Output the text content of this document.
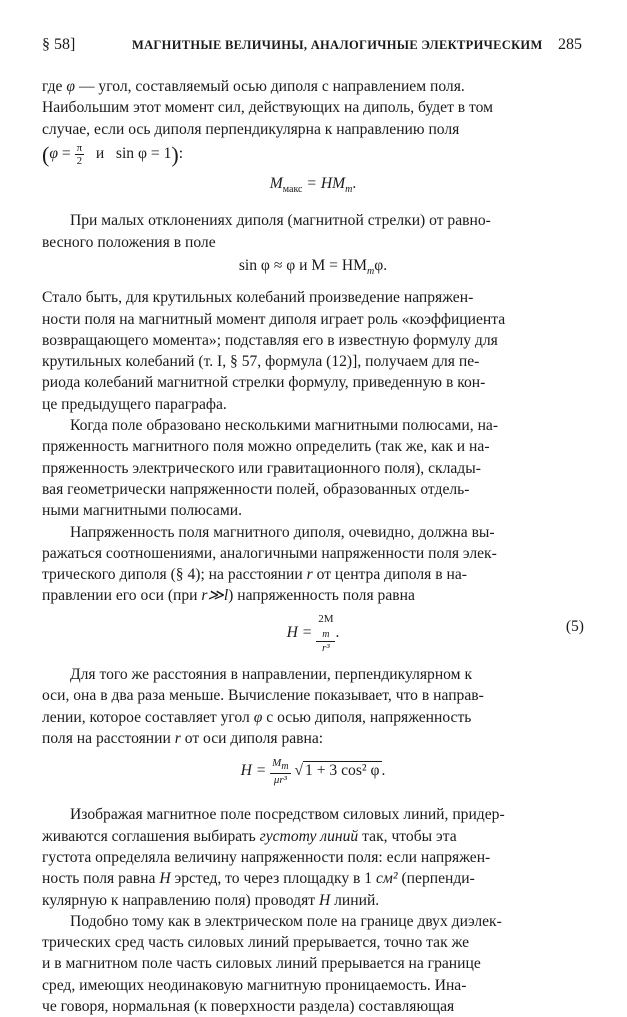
§ 58]	МАГНИТНЫЕ ВЕЛИЧИНЫ, АНАЛОГИЧНЫЕ ЭЛЕКТРИЧЕСКИМ 285

где φ — угол, составляемый осью диполя с направлением поля.

Наибольшим этот момент сил, действующих на диполь, будет в том

случае, если ось диполя перпендикулярна к направлению поля

($\varphi = \frac{\pi}{2}$ и sin φ = 1):

$M_{макс} = HM_m$.

При малых отклонениях диполя (магнитной стрелки) от равно-

весного положения в поле

sin φ ≈ φ и $M = HM_m\varphi$.

Стало быть, для крутильных колебаний произведение напряжен-

ности поля на магнитный момент диполя играет роль «коэффициента

возвращающего момента»; подставляя его в известную формулу для

крутильных колебаний (т. I, § 57, формула (12)], получаем для пе-

риода колебаний магнитной стрелки формулу, приведенную в кон-

це предыдущего параграфа.

Когда поле образовано несколькими магнитными полюсами, на-

пряженность магнитного поля можно определить (так же, как и на-

пряженность электрического или гравитационного поля), склады-

вая геометрически напряженности полей, образованных отдель-

ными магнитными полюсами.

Напряженность поля магнитного диполя, очевидно, должна вы-

ражаться соотношениями, аналогичными напряженности поля элек-

трического диполя (§ 4); на расстоянии r от центра диполя в на-

правлении его оси (при r≫l) напряженность поля равна

H = 2M
$_m$
r³ .	(5)

Для того же расстояния в направлении, перпендикулярном к

оси, она в два раза меньше. Вычисление показывает, что в направ-

лении, которое составляет угол φ с осью диполя, напряженность

поля на расстоянии r от оси диполя равна:

$H = \frac{M_m}{\text{μr³}}$ √ 1 + 3 cos² φ .

Изображая магнитное поле посредством силовых линий, придер-

живаются соглашения выбирать густоту линий так, чтобы эта

густота определяла величину напряженности поля: если напряжен-

ность поля равна H эрстед, то через площадку в 1 см² (перпенди-

кулярную к направлению поля) проводят H линий.

Подобно тому как в электрическом поле на границе двух диэлек-

трических сред часть силовых линий прерывается, точно так же

и в магнитном поле часть силовых линий прерывается на границе

сред, имеющих неодинаковую магнитную проницаемость. Ина-

че говоря, нормальная (к поверхности раздела) составляющая
